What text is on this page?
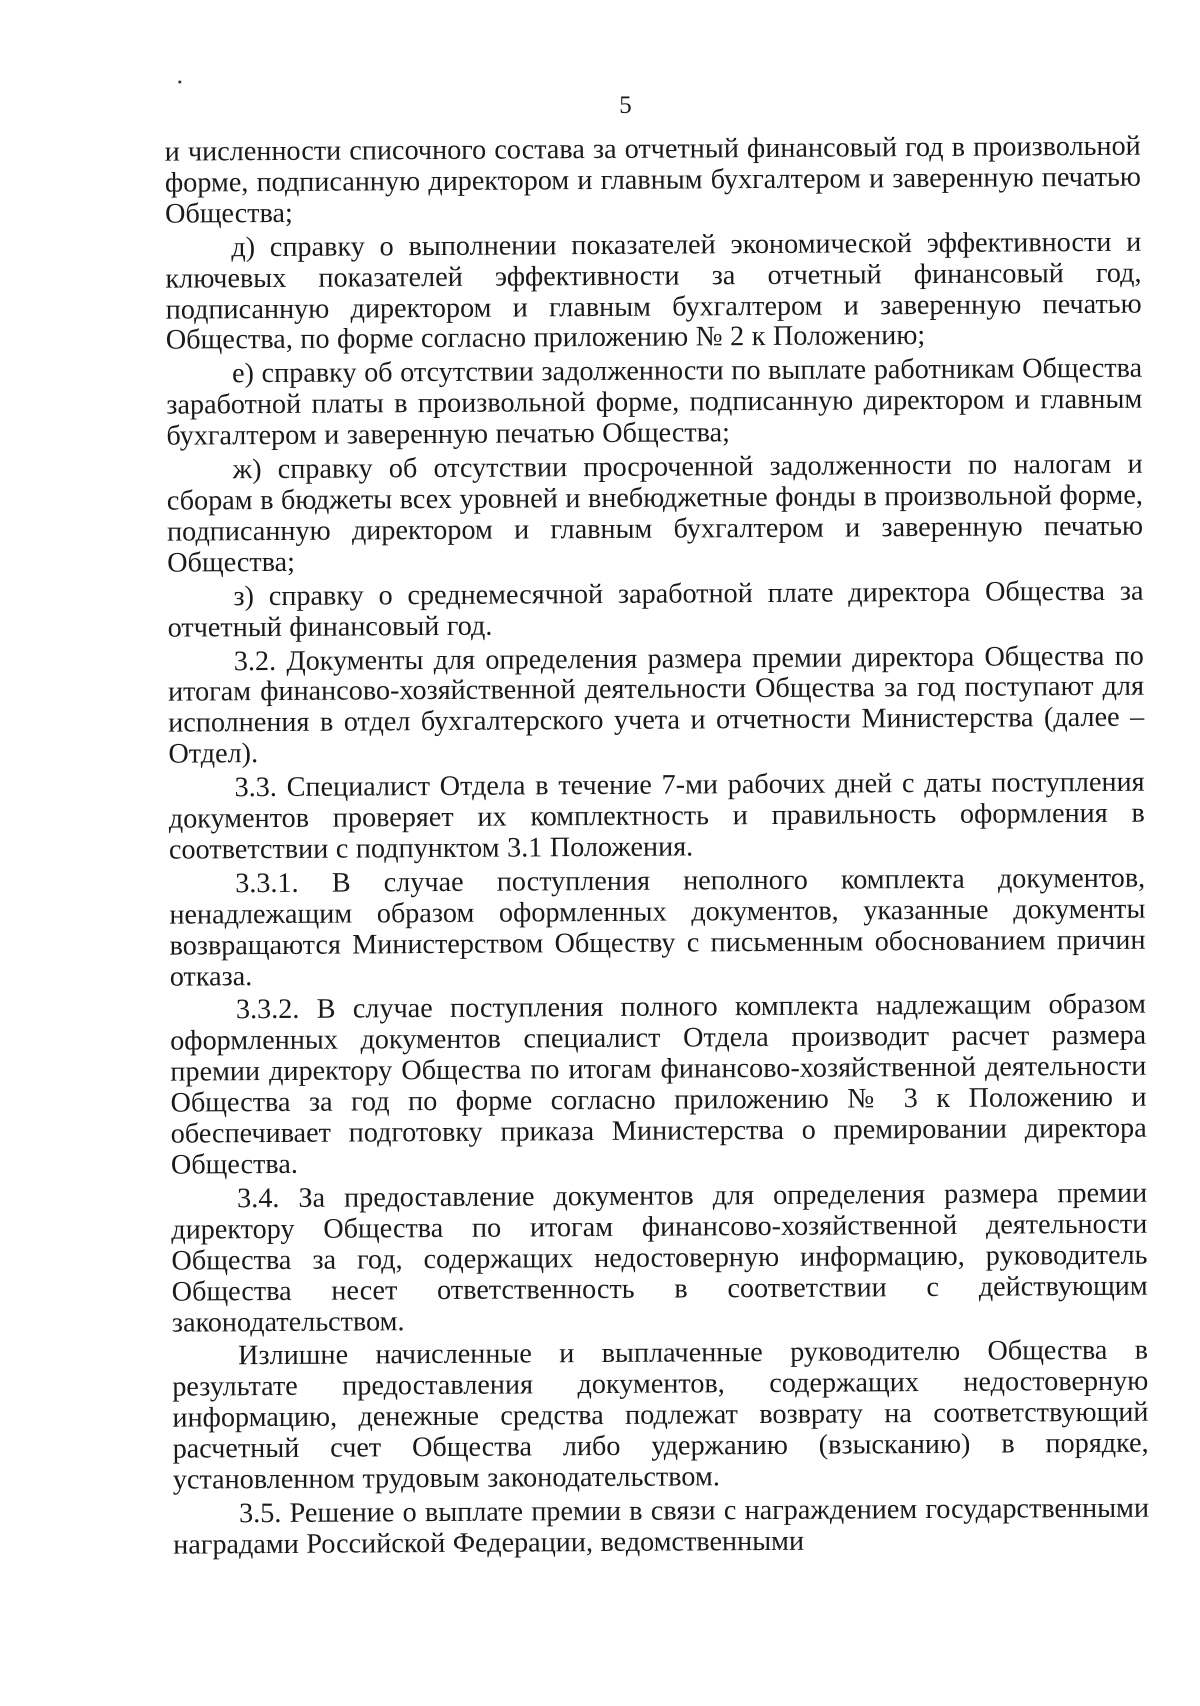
5

и численности списочного состава за отчетный финансовый год в произвольной форме, подписанную директором и главным бухгалтером и заверенную печатью Общества;

д) справку о выполнении показателей экономической эффективности и ключевых показателей эффективности за отчетный финансовый год, подписанную директором и главным бухгалтером и заверенную печатью Общества, по форме согласно приложению № 2 к Положению;

е) справку об отсутствии задолженности по выплате работникам Общества заработной платы в произвольной форме, подписанную директором и главным бухгалтером и заверенную печатью Общества;

ж) справку об отсутствии просроченной задолженности по налогам и сборам в бюджеты всех уровней и внебюджетные фонды в произвольной форме, подписанную директором и главным бухгалтером и заверенную печатью Общества;

з) справку о среднемесячной заработной плате директора Общества за отчетный финансовый год.

3.2. Документы для определения размера премии директора Общества по итогам финансово-хозяйственной деятельности Общества за год поступают для исполнения в отдел бухгалтерского учета и отчетности Министерства (далее – Отдел).

3.3. Специалист Отдела в течение 7-ми рабочих дней с даты поступления документов проверяет их комплектность и правильность оформления в соответствии с подпунктом 3.1 Положения.

3.3.1. В случае поступления неполного комплекта документов, ненадлежащим образом оформленных документов, указанные документы возвращаются Министерством Обществу с письменным обоснованием причин отказа.

3.3.2. В случае поступления полного комплекта надлежащим образом оформленных документов специалист Отдела производит расчет размера премии директору Общества по итогам финансово-хозяйственной деятельности Общества за год по форме согласно приложению № 3 к Положению и обеспечивает подготовку приказа Министерства о премировании директора Общества.

3.4. За предоставление документов для определения размера премии директору Общества по итогам финансово-хозяйственной деятельности Общества за год, содержащих недостоверную информацию, руководитель Общества несет ответственность в соответствии с действующим законодательством.

Излишне начисленные и выплаченные руководителю Общества в результате предоставления документов, содержащих недостоверную информацию, денежные средства подлежат возврату на соответствующий расчетный счет Общества либо удержанию (взысканию) в порядке, установленном трудовым законодательством.

3.5. Решение о выплате премии в связи с награждением государственными наградами Российской Федерации, ведомственными
